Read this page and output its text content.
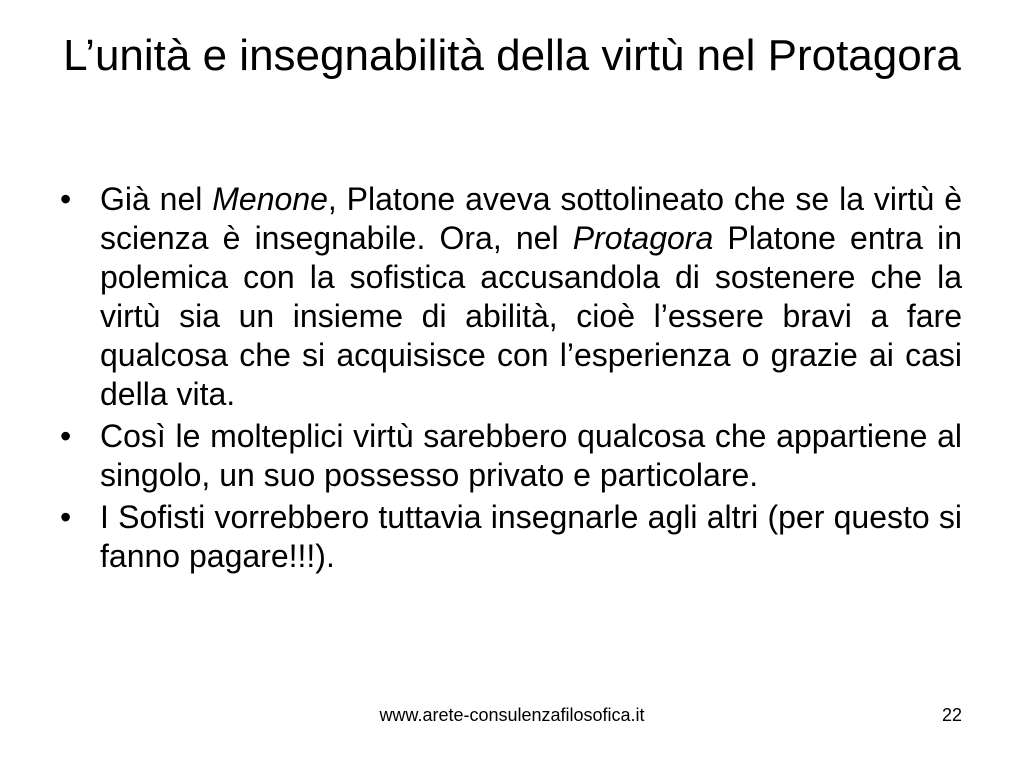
L’unità e insegnabilità della virtù nel Protagora
• Già nel Menone, Platone aveva sottolineato che se la virtù è scienza è insegnabile. Ora, nel Protagora Platone entra in polemica con la sofistica accusandola di sostenere che la virtù sia un insieme di abilità, cioè l’essere bravi a fare qualcosa che si acquisisce con l’esperienza o grazie ai casi della vita.
• Così le molteplici virtù sarebbero qualcosa che appartiene al singolo, un suo possesso privato e particolare.
• I Sofisti vorrebbero tuttavia insegnarle agli altri (per questo si fanno pagare!!!).
www.arete-consulenzafilosofica.it	22
